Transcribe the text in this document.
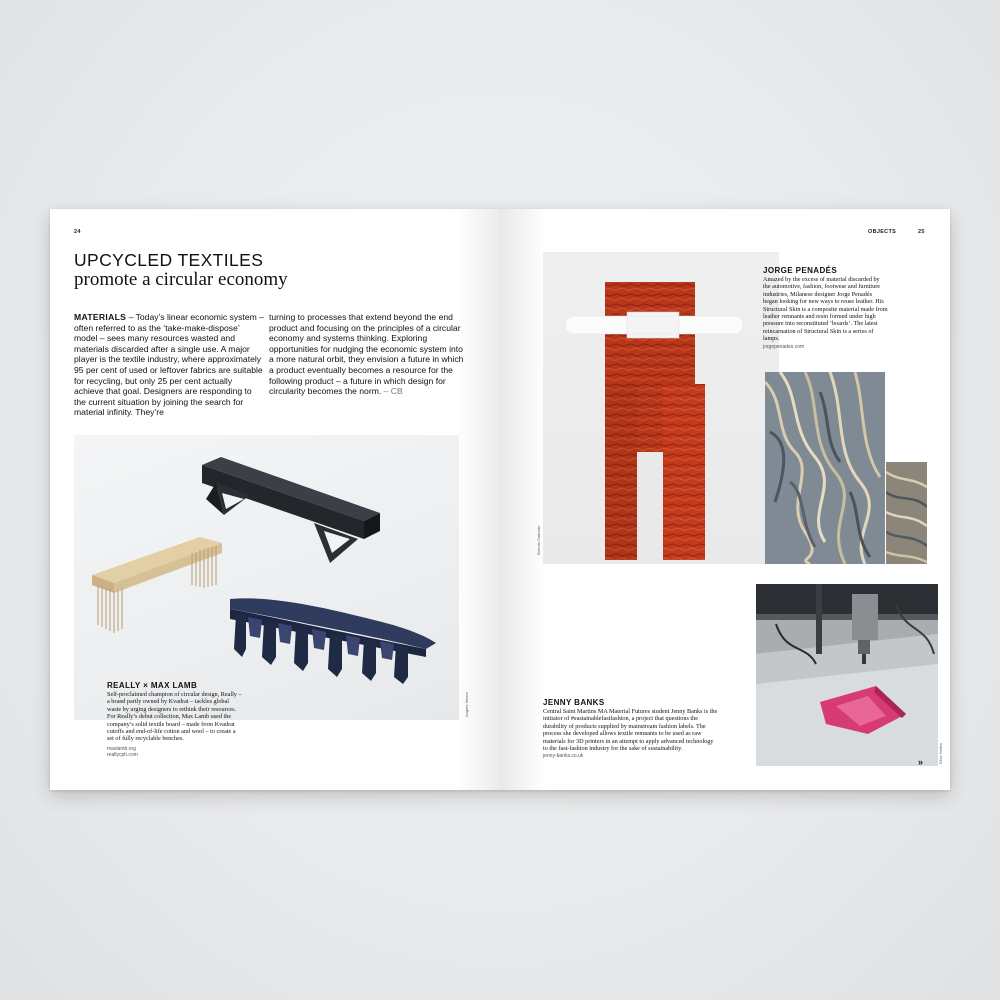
24
UPCYCLED TEXTILES
promote a circular economy
MATERIALS – Today’s linear economic system – often referred to as the ‘take-make-dispose’ model – sees many resources wasted and materials discarded after a single use. A major player is the textile industry, where approximately 95 per cent of used or leftover fabrics are suitable for recycling, but only 25 per cent actually achieve that goal. Designers are responding to the current situation by joining the search for material infinity. They’re
turning to processes that extend beyond the end product and focusing on the principles of a circular economy and systems thinking. Exploring opportunities for nudging the economic system into a more natural orbit, they envision a future in which a product eventually becomes a resource for the following product – a future in which design for circularity becomes the norm. – CB
Angela Moore
REALLY × MAX LAMB
Self-proclaimed champion of circular design, Really – a brand partly owned by Kvadrat – tackles global waste by urging designers to rethink their resources. For Really’s debut collection, Max Lamb used the company’s solid textile board – made from Kvadrat cutoffs and end-of-life cotton and wool – to create a set of fully recyclable benches.
maxlamb.org
reallycph.com
OBJECTS	25
Brenda Gaitrade
JORGE PENADÉS
Amazed by the excess of material discarded by the automotive, fashion, footwear and furniture industries, Milanese designer Jorge Penadés began looking for new ways to reuse leather. His Structural Skin is a composite material made from leather remnants and resin formed under high pressure into reconstituted ‘boards’. The latest reincarnation of Structural Skin is a series of lamps.
jorgepenades.com
Elise Hallen
JENNY BANKS
Central Saint Martins MA Material Futures student Jenny Banks is the initiator of #sustainablefastfashion, a project that questions the durability of products supplied by mainstream fashion labels. The process she developed allows textile remnants to be used as raw materials for 3D printers in an attempt to apply advanced technology to the fast-fashion industry for the sake of sustainability.
jenny-banks.co.uk
»
